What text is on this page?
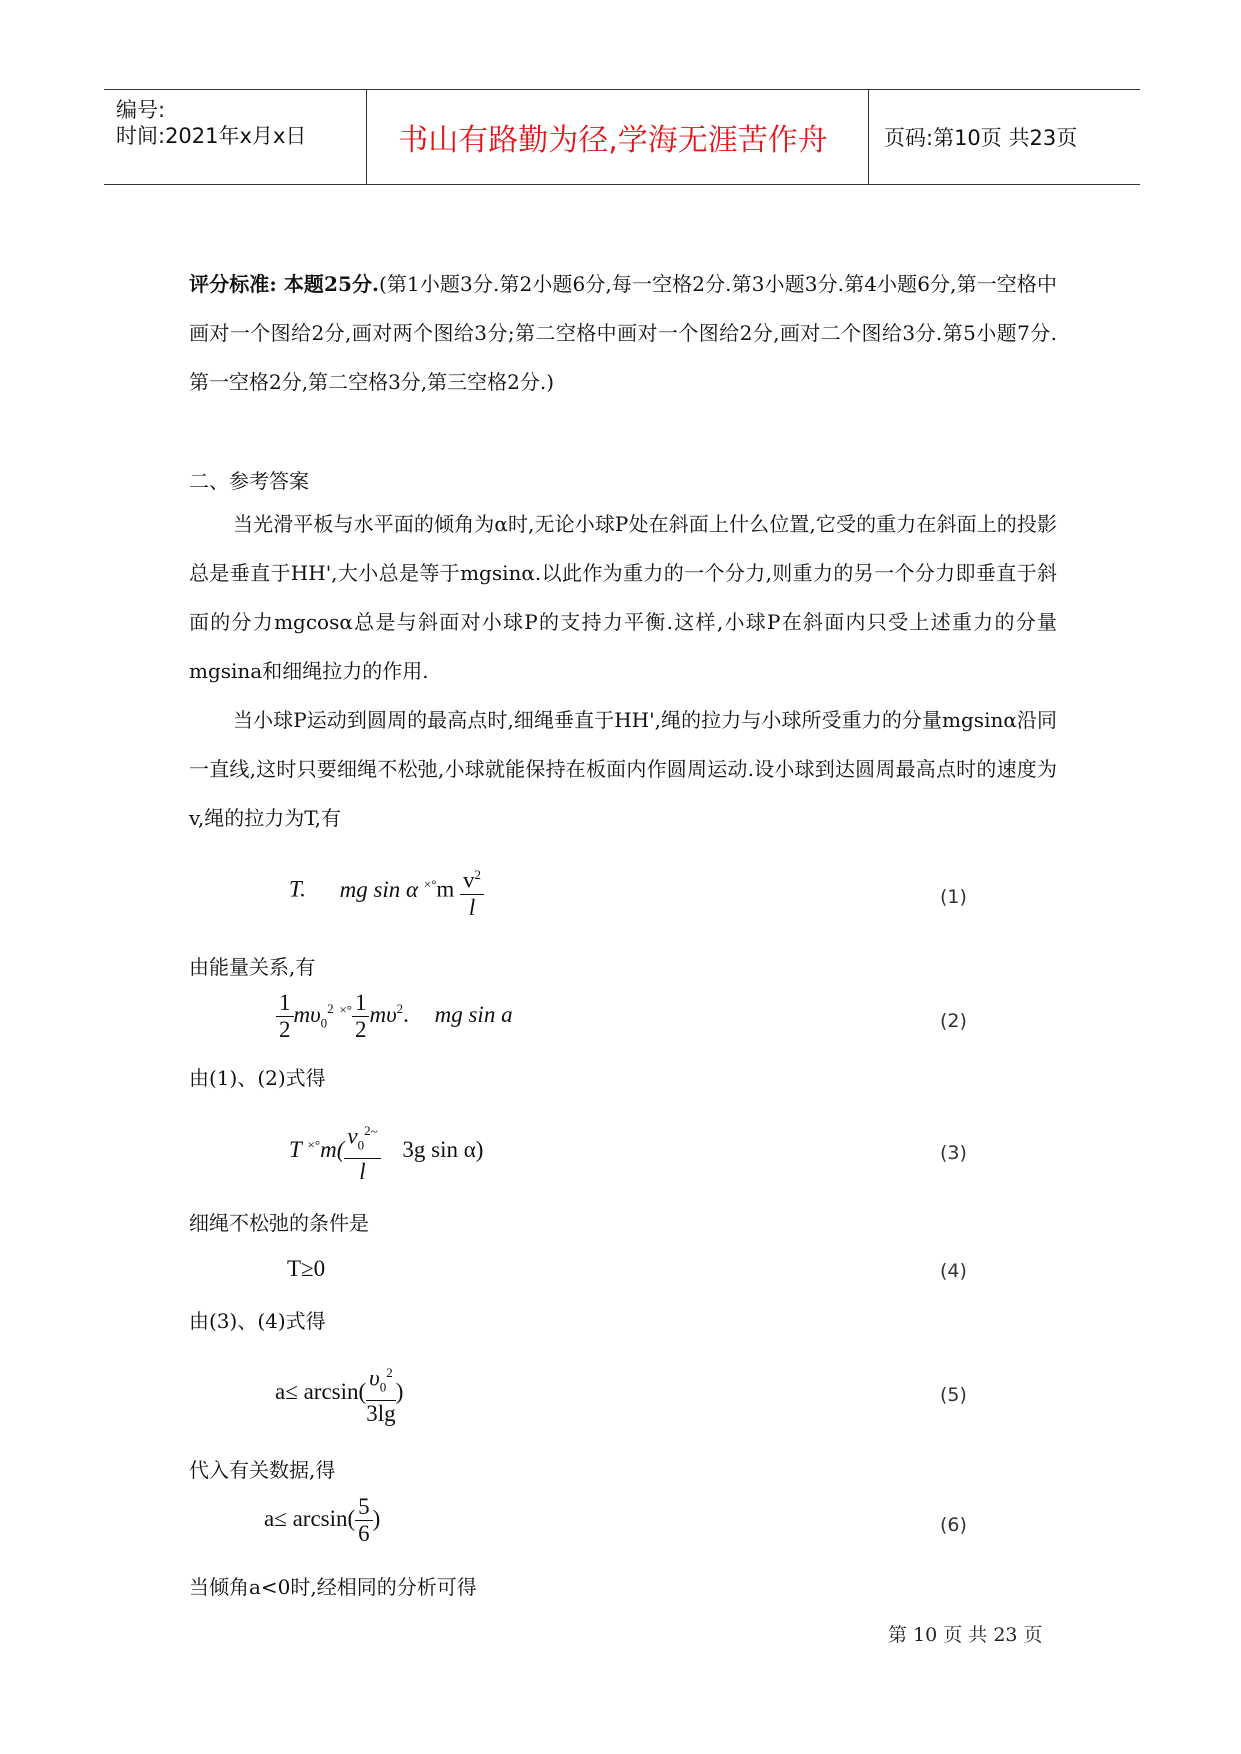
编号:
时间:2021年x月x日	书山有路勤为径,学海无涯苦作舟	页码:第10页 共23页

评分标准: 本题25分.(第1小题3分.第2小题6分,每一空格2分.第3小题3分.第4小题6分,第一空格中画对一个图给2分,画对两个图给3分;第二空格中画对一个图给2分,画对二个图给3分.第5小题7分.第一空格2分,第二空格3分,第三空格2分.)

二、参考答案

当光滑平板与水平面的倾角为α时,无论小球P处在斜面上什么位置,它受的重力在斜面上的投影总是垂直于HH',大小总是等于mgsinα.以此作为重力的一个分力,则重力的另一个分力即垂直于斜面的分力mgcosα总是与斜面对小球P的支持力平衡.这样,小球P在斜面内只受上述重力的分量mgsina和细绳拉力的作用.

当小球P运动到圆周的最高点时,细绳垂直于HH',绳的拉力与小球所受重力的分量mgsinα沿同一直线,这时只要细绳不松弛,小球就能保持在板面内作圆周运动.设小球到达圆周最高点时的速度为v,绳的拉力为T,有

T. mg sin α $^{\times^\circ}m \frac{v^2}{l}$	(1)
由能量关系,有
$\frac{1}{2} m\upsilon_0^2$ $^{\times^\circ} \frac{1}{2} m\upsilon^2$. mg sin a	(2)
由(1)、(2)式得
T $^{\times^\circ}m( \frac{v_0^{2\sim}}{l} 3g$ sin α)	(3)
细绳不松弛的条件是
T≥0	(4)
由(3)、(4)式得
$a\le \arcsin( \frac{\upsilon_0^2}{3\lg}$ )	(5)
代入有关数据,得
$a\le \arcsin( \frac{5}{6}$ )	(6)
当倾角a<0时,经相同的分析可得
第 10 页 共 23 页
